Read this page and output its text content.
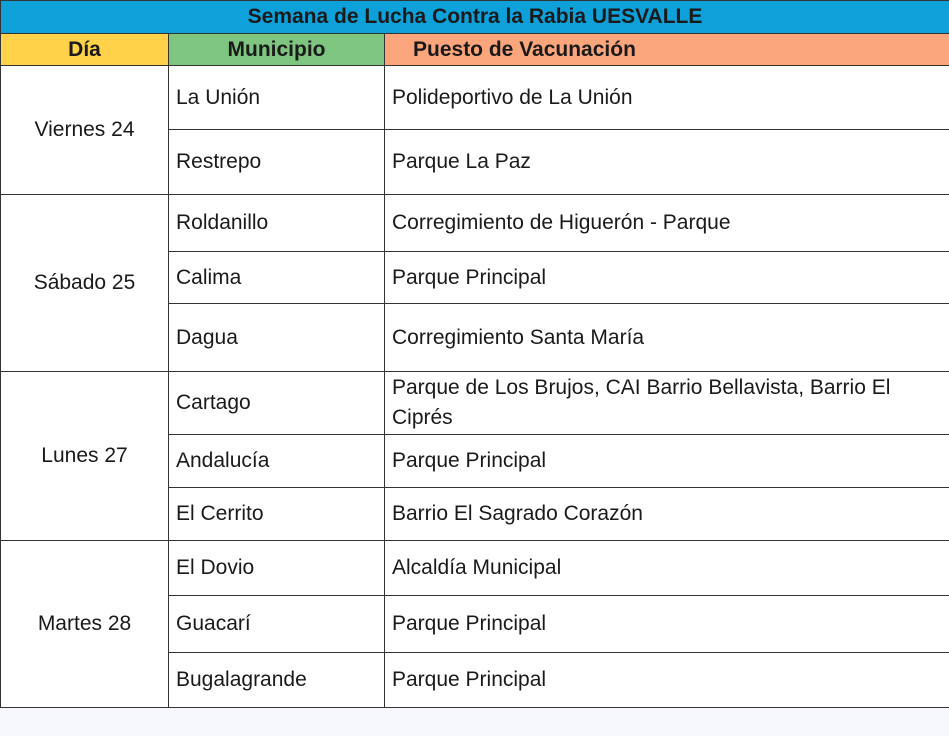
Semana de Lucha Contra la Rabia UESVALLE		
Día	Municipio	Puesto de Vacunación
Viernes 24	La Unión	Polideportivo de La Unión
	Restrepo	Parque La Paz
Sábado 25	Roldanillo	Corregimiento de Higuerón - Parque
	Calima	Parque Principal
	Dagua	Corregimiento Santa María
Lunes 27	Cartago	Parque de Los Brujos, CAI Barrio Bellavista, Barrio El Ciprés
	Andalucía	Parque Principal
	El Cerrito	Barrio El Sagrado Corazón
Martes 28	El Dovio	Alcaldía Municipal
	Guacarí	Parque Principal
	Bugalagrande	Parque Principal
